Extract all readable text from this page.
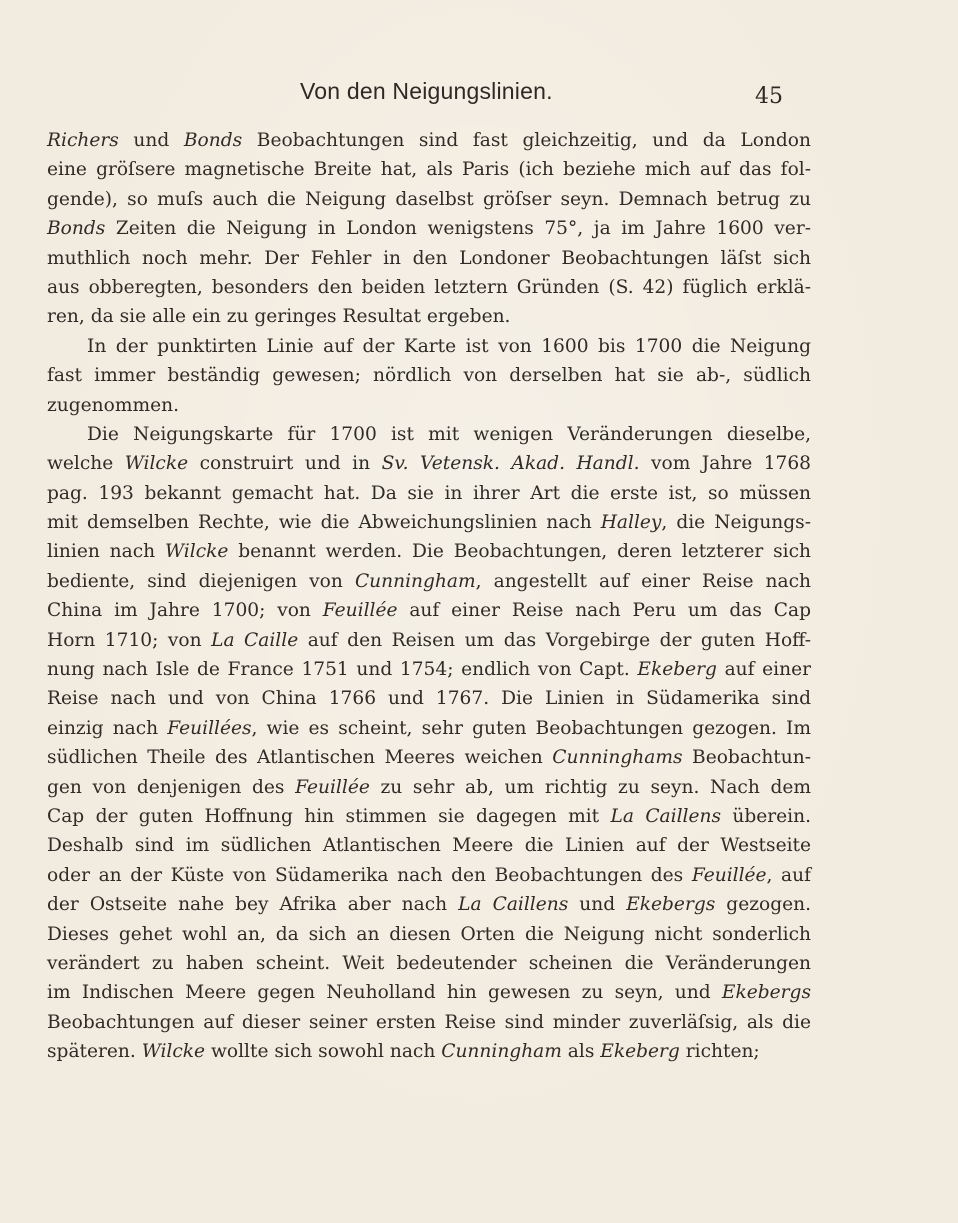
Von den Neigungslinien.	45
Richers und Bonds Beobachtungen sind fast gleichzeitig, und da London
eine gröſsere magnetische Breite hat, als Paris (ich beziehe mich auf das fol-
gende), so muſs auch die Neigung daselbst gröſser seyn. Demnach betrug zu
Bonds Zeiten die Neigung in London wenigstens 75°, ja im Jahre 1600 ver-
muthlich noch mehr. Der Fehler in den Londoner Beobachtungen läſst sich
aus obberegten, besonders den beiden letztern Gründen (S. 42) füglich erklä-
ren, da sie alle ein zu geringes Resultat ergeben.
In der punktirten Linie auf der Karte ist von 1600 bis 1700 die Neigung
fast immer beständig gewesen; nördlich von derselben hat sie ab-, südlich
zugenommen.
Die Neigungskarte für 1700 ist mit wenigen Veränderungen dieselbe,
welche Wilcke construirt und in Sv. Vetensk. Akad. Handl. vom Jahre 1768
pag. 193 bekannt gemacht hat. Da sie in ihrer Art die erste ist, so müssen
mit demselben Rechte, wie die Abweichungslinien nach Halley, die Neigungs-
linien nach Wilcke benannt werden. Die Beobachtungen, deren letzterer sich
bediente, sind diejenigen von Cunningham, angestellt auf einer Reise nach
China im Jahre 1700; von Feuillée auf einer Reise nach Peru um das Cap
Horn 1710; von La Caille auf den Reisen um das Vorgebirge der guten Hoff-
nung nach Isle de France 1751 und 1754; endlich von Capt. Ekeberg auf einer
Reise nach und von China 1766 und 1767. Die Linien in Südamerika sind
einzig nach Feuillées, wie es scheint, sehr guten Beobachtungen gezogen. Im
südlichen Theile des Atlantischen Meeres weichen Cunninghams Beobachtun-
gen von denjenigen des Feuillée zu sehr ab, um richtig zu seyn. Nach dem
Cap der guten Hoffnung hin stimmen sie dagegen mit La Caillens überein.
Deshalb sind im südlichen Atlantischen Meere die Linien auf der Westseite
oder an der Küste von Südamerika nach den Beobachtungen des Feuillée, auf
der Ostseite nahe bey Afrika aber nach La Caillens und Ekebergs gezogen.
Dieses gehet wohl an, da sich an diesen Orten die Neigung nicht sonderlich
verändert zu haben scheint. Weit bedeutender scheinen die Veränderungen
im Indischen Meere gegen Neuholland hin gewesen zu seyn, und Ekebergs
Beobachtungen auf dieser seiner ersten Reise sind minder zuverläſsig, als die
späteren. Wilcke wollte sich sowohl nach Cunningham als Ekeberg richten;
